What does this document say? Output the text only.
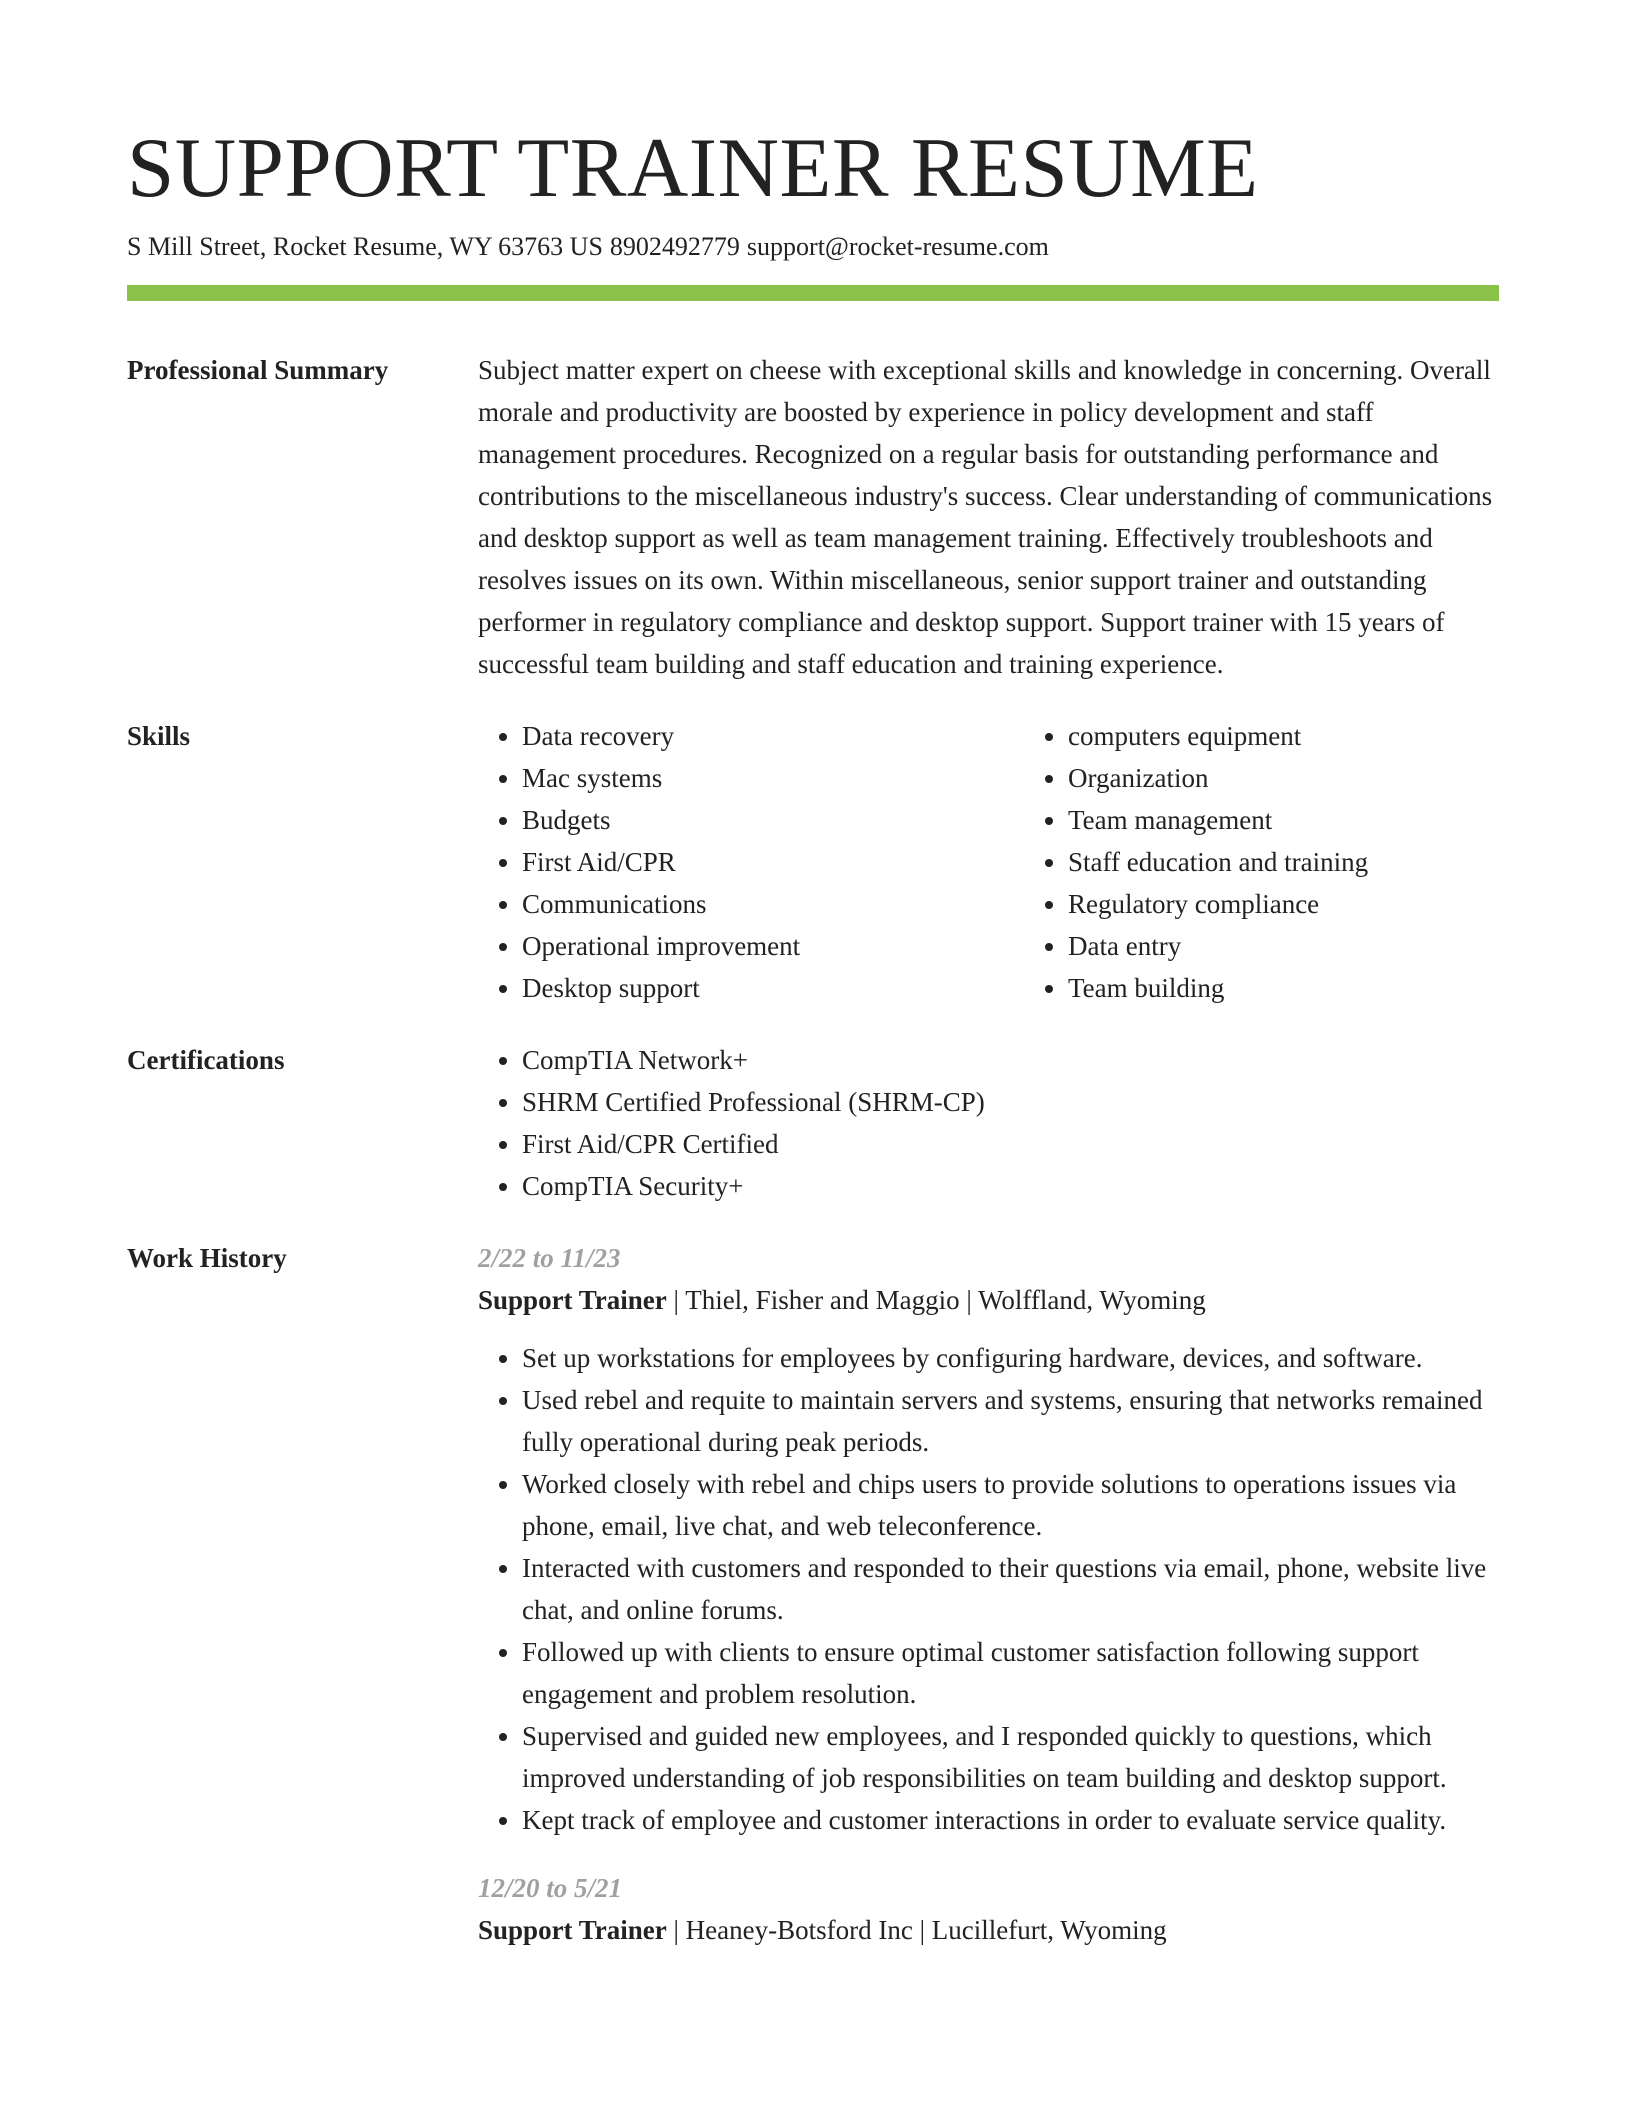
SUPPORT TRAINER RESUME
S Mill Street, Rocket Resume, WY 63763 US 8902492779 support@rocket-resume.com
Professional Summary	Subject matter expert on cheese with exceptional skills and knowledge in concerning. Overall morale and productivity are boosted by experience in policy development and staff management procedures. Recognized on a regular basis for outstanding performance and contributions to the miscellaneous industry's success. Clear understanding of communications and desktop support as well as team management training. Effectively troubleshoots and resolves issues on its own. Within miscellaneous, senior support trainer and outstanding performer in regulatory compliance and desktop support. Support trainer with 15 years of successful team building and staff education and training experience.

Skills	• Data recovery
• Mac systems
• Budgets
• First Aid/CPR
• Communications
• Operational improvement
• Desktop support
• computers equipment
• Organization
• Team management
• Staff education and training
• Regulatory compliance
• Data entry
• Team building
Certifications	• CompTIA Network+
• SHRM Certified Professional (SHRM-CP)
• First Aid/CPR Certified
• CompTIA Security+
Work History	2/22 to 11/23
Support Trainer | Thiel, Fisher and Maggio | Wolffland, Wyoming
• Set up workstations for employees by configuring hardware, devices, and software.
• Used rebel and requite to maintain servers and systems, ensuring that networks remained fully operational during peak periods.
• Worked closely with rebel and chips users to provide solutions to operations issues via phone, email, live chat, and web teleconference.
• Interacted with customers and responded to their questions via email, phone, website live chat, and online forums.
• Followed up with clients to ensure optimal customer satisfaction following support engagement and problem resolution.
• Supervised and guided new employees, and I responded quickly to questions, which improved understanding of job responsibilities on team building and desktop support.
• Kept track of employee and customer interactions in order to evaluate service quality.
12/20 to 5/21
Support Trainer | Heaney-Botsford Inc | Lucillefurt, Wyoming
